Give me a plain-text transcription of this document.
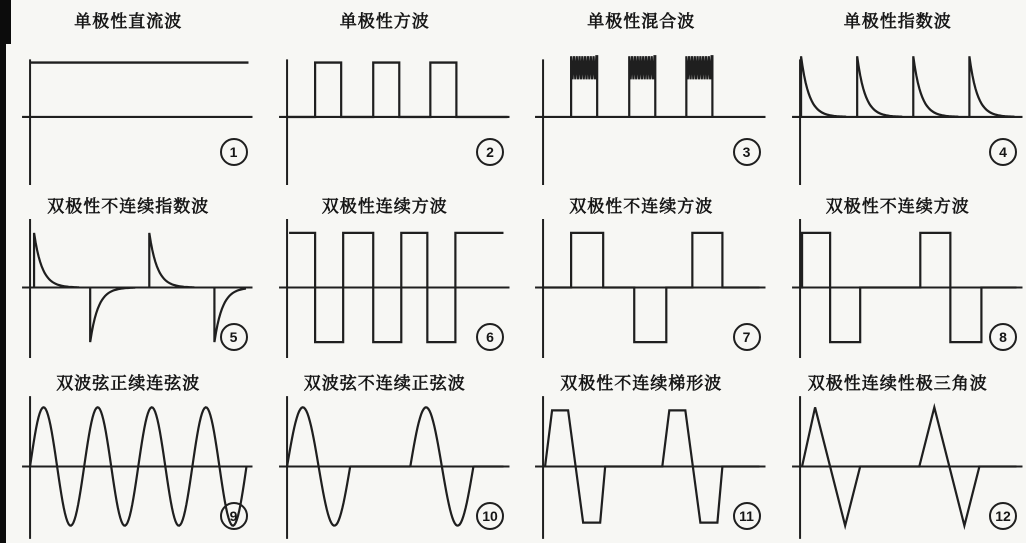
单极性直流波
1
单极性方波
2
单极性混合波
3
单极性指数波
4
双极性不连续指数波
5
双极性连续方波
6
双极性不连续方波
7
双极性不连续方波
8
双波弦正续连弦波
9
双波弦不连续正弦波
10
双极性不连续梯形波
11
双极性连续性极三角波
12
